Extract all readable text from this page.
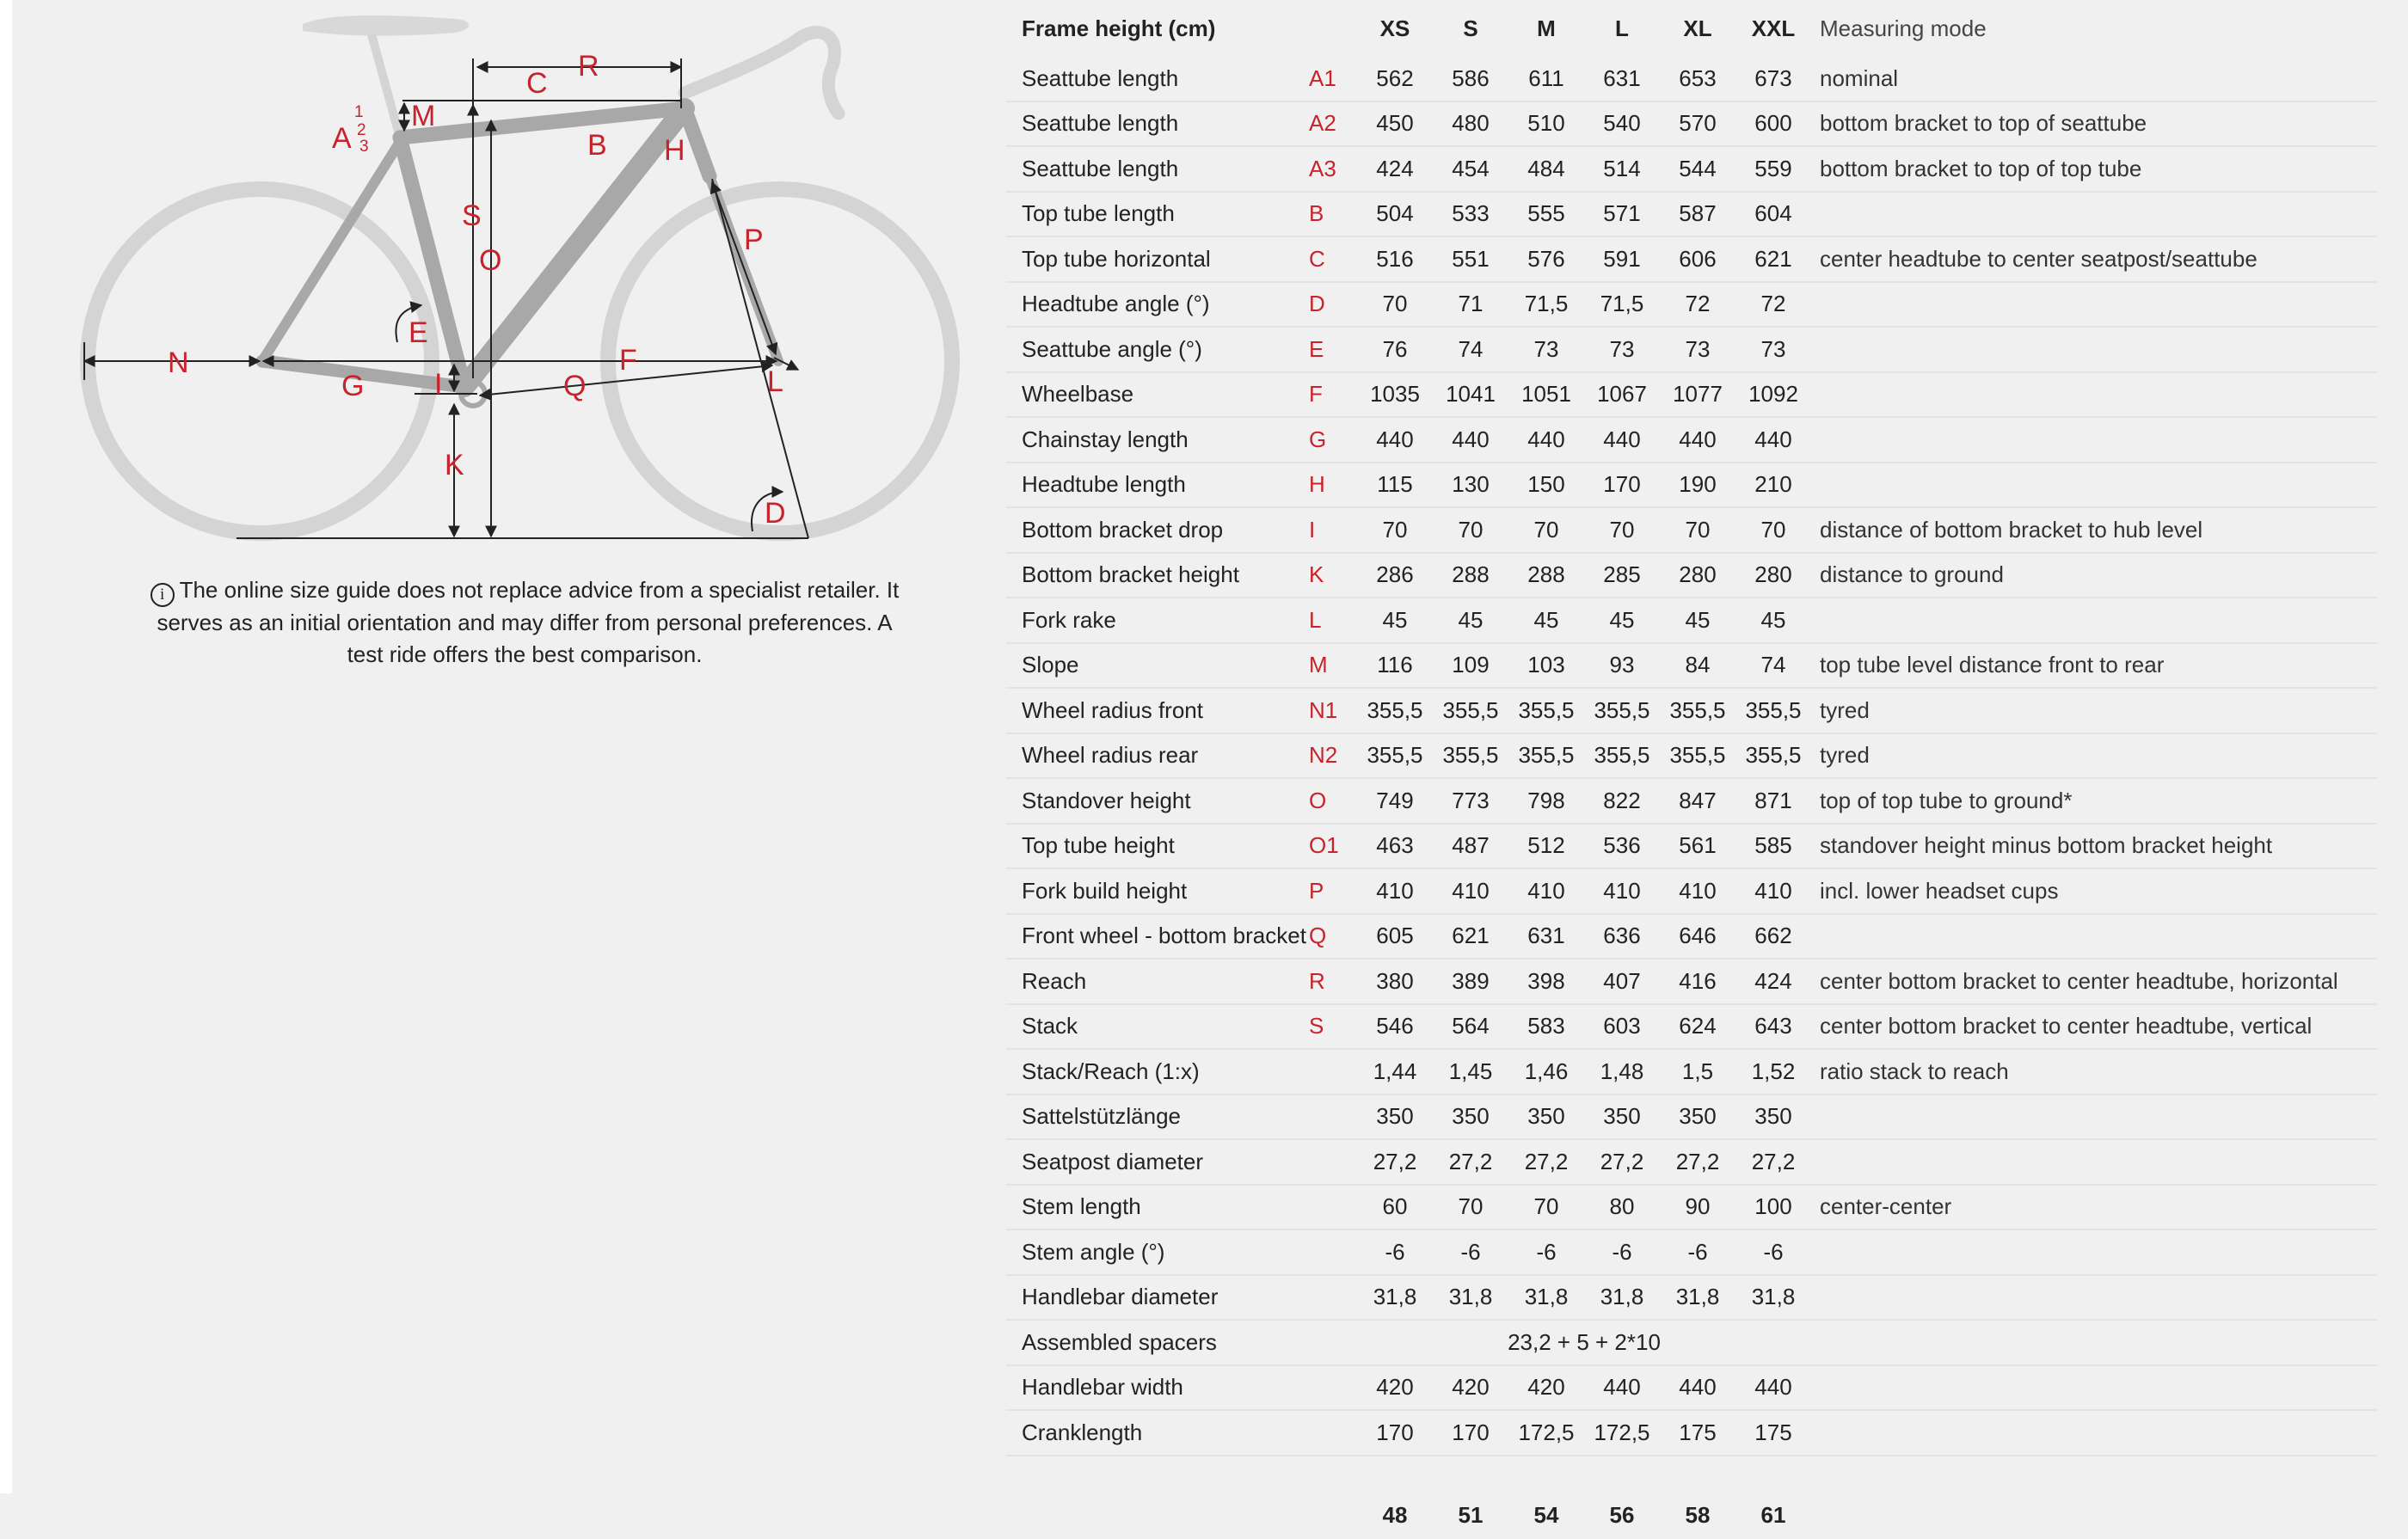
A
1
2
3
M
C
R
B H
S
O
P
E
N
G I	Q
F
L
K
D
i The online size guide does not replace advice from a specialist retailer. It serves as an initial orientation and may differ from personal preferences. A test ride offers the best comparison.
Frame height (cm)		XS	S	M	L	XL	XXL	Measuring mode
Seattube length	A1	562	586	611	631	653	673	nominal
Seattube length	A2	450	480	510	540	570	600	bottom bracket to top of seattube
Seattube length	A3	424	454	484	514	544	559	bottom bracket to top of top tube
Top tube length	B	504	533	555	571	587	604	
Top tube horizontal	C	516	551	576	591	606	621	center headtube to center seatpost/seattube
Headtube angle (°)	D	70	71	71,5	71,5	72	72	
Seattube angle (°)	E	76	74	73	73	73	73	
Wheelbase	F	1035	1041	1051	1067	1077	1092	
Chainstay length	G	440	440	440	440	440	440	
Headtube length	H	115	130	150	170	190	210	
Bottom bracket drop	I	70	70	70	70	70	70	distance of bottom bracket to hub level
Bottom bracket height	K	286	288	288	285	280	280	distance to ground
Fork rake	L	45	45	45	45	45	45	
Slope	M	116	109	103	93	84	74	top tube level distance front to rear
Wheel radius front	N1	355,5	355,5	355,5	355,5	355,5	355,5	tyred
Wheel radius rear	N2	355,5	355,5	355,5	355,5	355,5	355,5	tyred
Standover height	O	749	773	798	822	847	871	top of top tube to ground*
Top tube height	O1	463	487	512	536	561	585	standover height minus bottom bracket height
Fork build height	P	410	410	410	410	410	410	incl. lower headset cups
Front wheel - bottom bracket	Q	605	621	631	636	646	662	
Reach	R	380	389	398	407	416	424	center bottom bracket to center headtube, horizontal
Stack	S	546	564	583	603	624	643	center bottom bracket to center headtube, vertical
Stack/Reach (1:x)		1,44	1,45	1,46	1,48	1,5	1,52	ratio stack to reach
Sattelstützlänge		350	350	350	350	350	350	
Seatpost diameter		27,2	27,2	27,2	27,2	27,2	27,2	
Stem length		60	70	70	80	90	100	center-center
Stem angle (°)		-6	-6	-6	-6	-6	-6	
Handlebar diameter		31,8	31,8	31,8	31,8	31,8	31,8	
Assembled spacers		23,2 + 5 + 2*10						
Handlebar width		420	420	420	440	440	440	
Cranklength		170	170	172,5	172,5	175	175	
		48	51	54	56	58	61	
